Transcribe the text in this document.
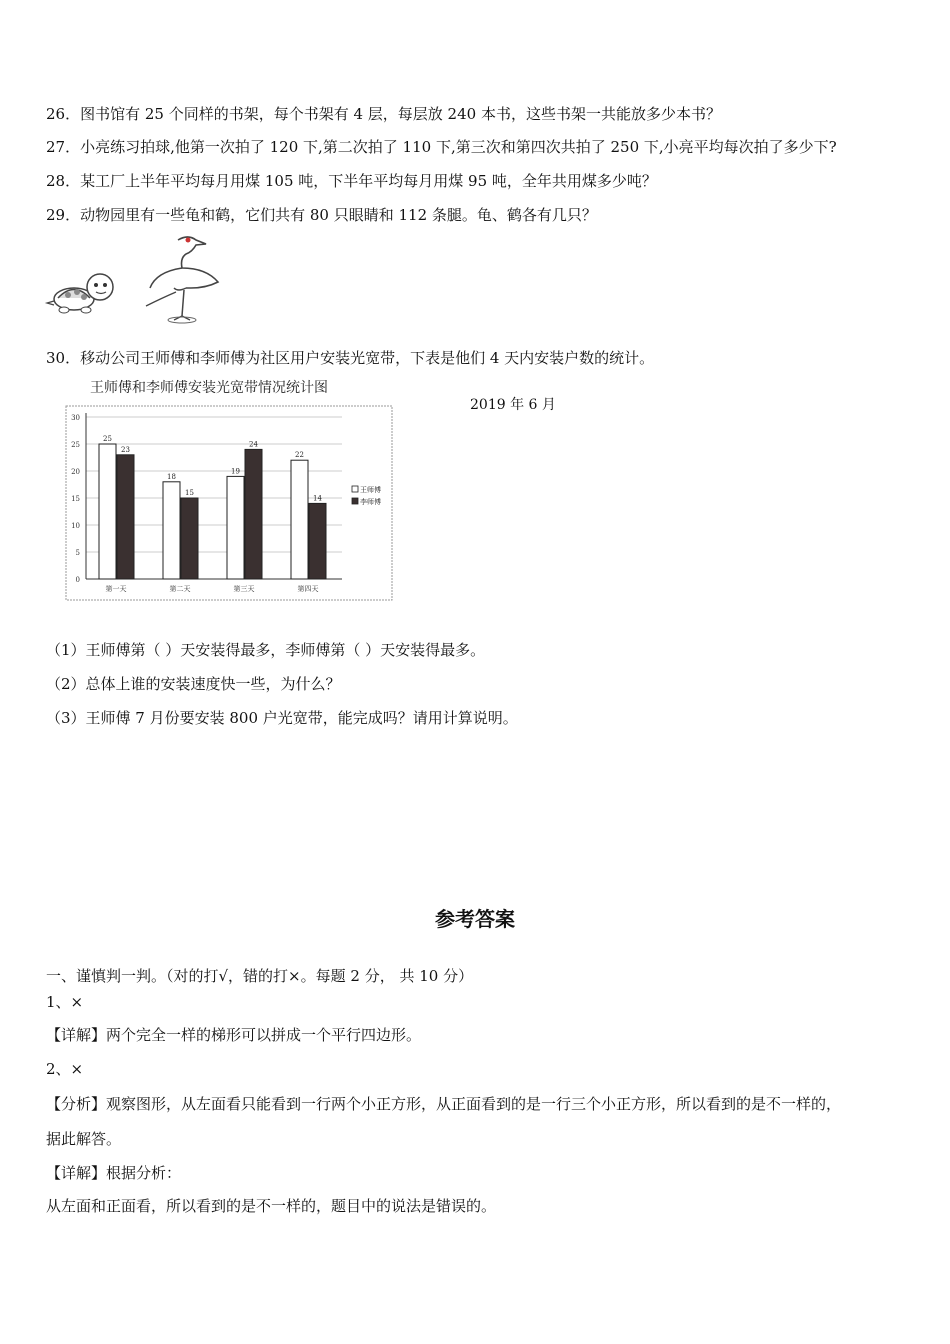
26．图书馆有 25 个同样的书架，每个书架有 4 层，每层放 240 本书，这些书架一共能放多少本书？
27．小亮练习拍球,他第一次拍了 120 下,第二次拍了 110 下,第三次和第四次共拍了 250 下,小亮平均每次拍了多少下?
28．某工厂上半年平均每月用煤 105 吨，下半年平均每月用煤 95 吨，全年共用煤多少吨？
29．动物园里有一些龟和鹤，它们共有 80 只眼睛和 112 条腿。龟、鹤各有几只？
30．移动公司王师傅和李师傅为社区用户安装光宽带，下表是他们 4 天内安装户数的统计。
王师傅和李师傅安装光宽带情况统计图
0
5
10
15
20
25
30
25
23
第一天
18
15
第二天
19
24
第三天
22
14
第四天
王师傅
李师傅
2019 年 6 月
（1）王师傅第（ ）天安装得最多，李师傅第（ ）天安装得最多。
（2）总体上谁的安装速度快一些，为什么？
（3）王师傅 7 月份要安装 800 户光宽带，能完成吗？请用计算说明。
参考答案
一、谨慎判一判。（对的打√，错的打×。每题 2 分， 共 10 分）
1、×
【详解】两个完全一样的梯形可以拼成一个平行四边形。
2、×
【分析】观察图形，从左面看只能看到一行两个小正方形，从正面看到的是一行三个小正方形，所以看到的是不一样的，
据此解答。
【详解】根据分析：
从左面和正面看，所以看到的是不一样的，题目中的说法是错误的。
